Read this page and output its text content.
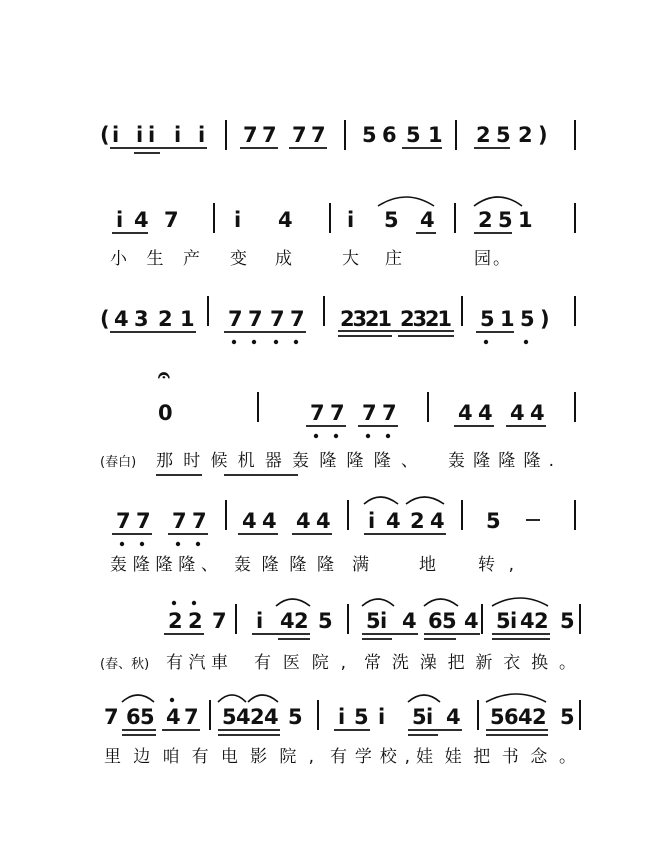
( i i i i i 7 7 7 7 5 6 5 1 2 5 2 )
i 4 7	i 4	i 5 4 2 5 1
小生产 变成	大庄	园。
( 4 3 2 1 7 7 7 7 2321 2321 5 1 5 )
𝄐
0	7 7 7 7	4 4 4 4
(春白) 那时候机器轰隆隆隆、 轰隆隆隆.
7 7 7 7 4 4 4 4 i 4 2 4 5
轰隆隆隆、 轰隆隆隆 满地 转,
2 2 7 i 4 2 5 5 i 4 6 5 4 5 i 4 2 5
(春、秋) 有汽車 有医院, 常洗澡把新衣换。
7 6 5 4 7 5 4 2 4 5 i 5 i 5 i 4 5 6 4 2 5
里边咱有电影院, 有学校, 娃娃把书念。
